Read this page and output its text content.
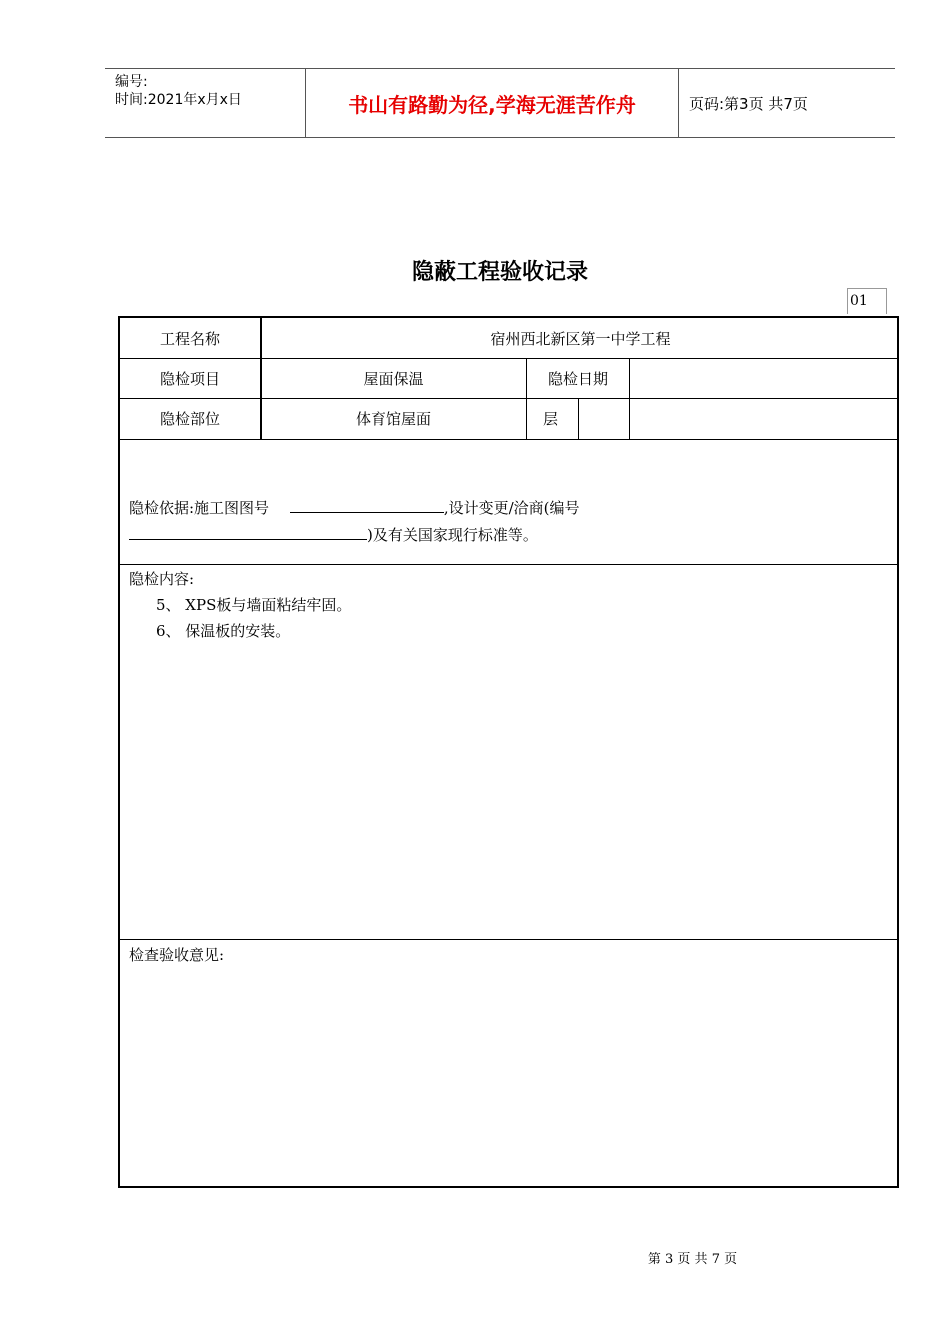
编号:
时间:2021年x月x日	书山有路勤为径,学海无涯苦作舟	页码:第3页 共7页
隐蔽工程验收记录
01
工程名称	宿州西北新区第一中学工程
隐检项目	屋面保温	隐检日期
隐检部位	体育馆屋面	层
隐检依据:施工图图号	,设计变更/洽商(编号
)及有关国家现行标准等。
隐检内容:
5、 XPS板与墙面粘结牢固。
6、 保温板的安装。
检查验收意见:
第 3 页 共 7 页
